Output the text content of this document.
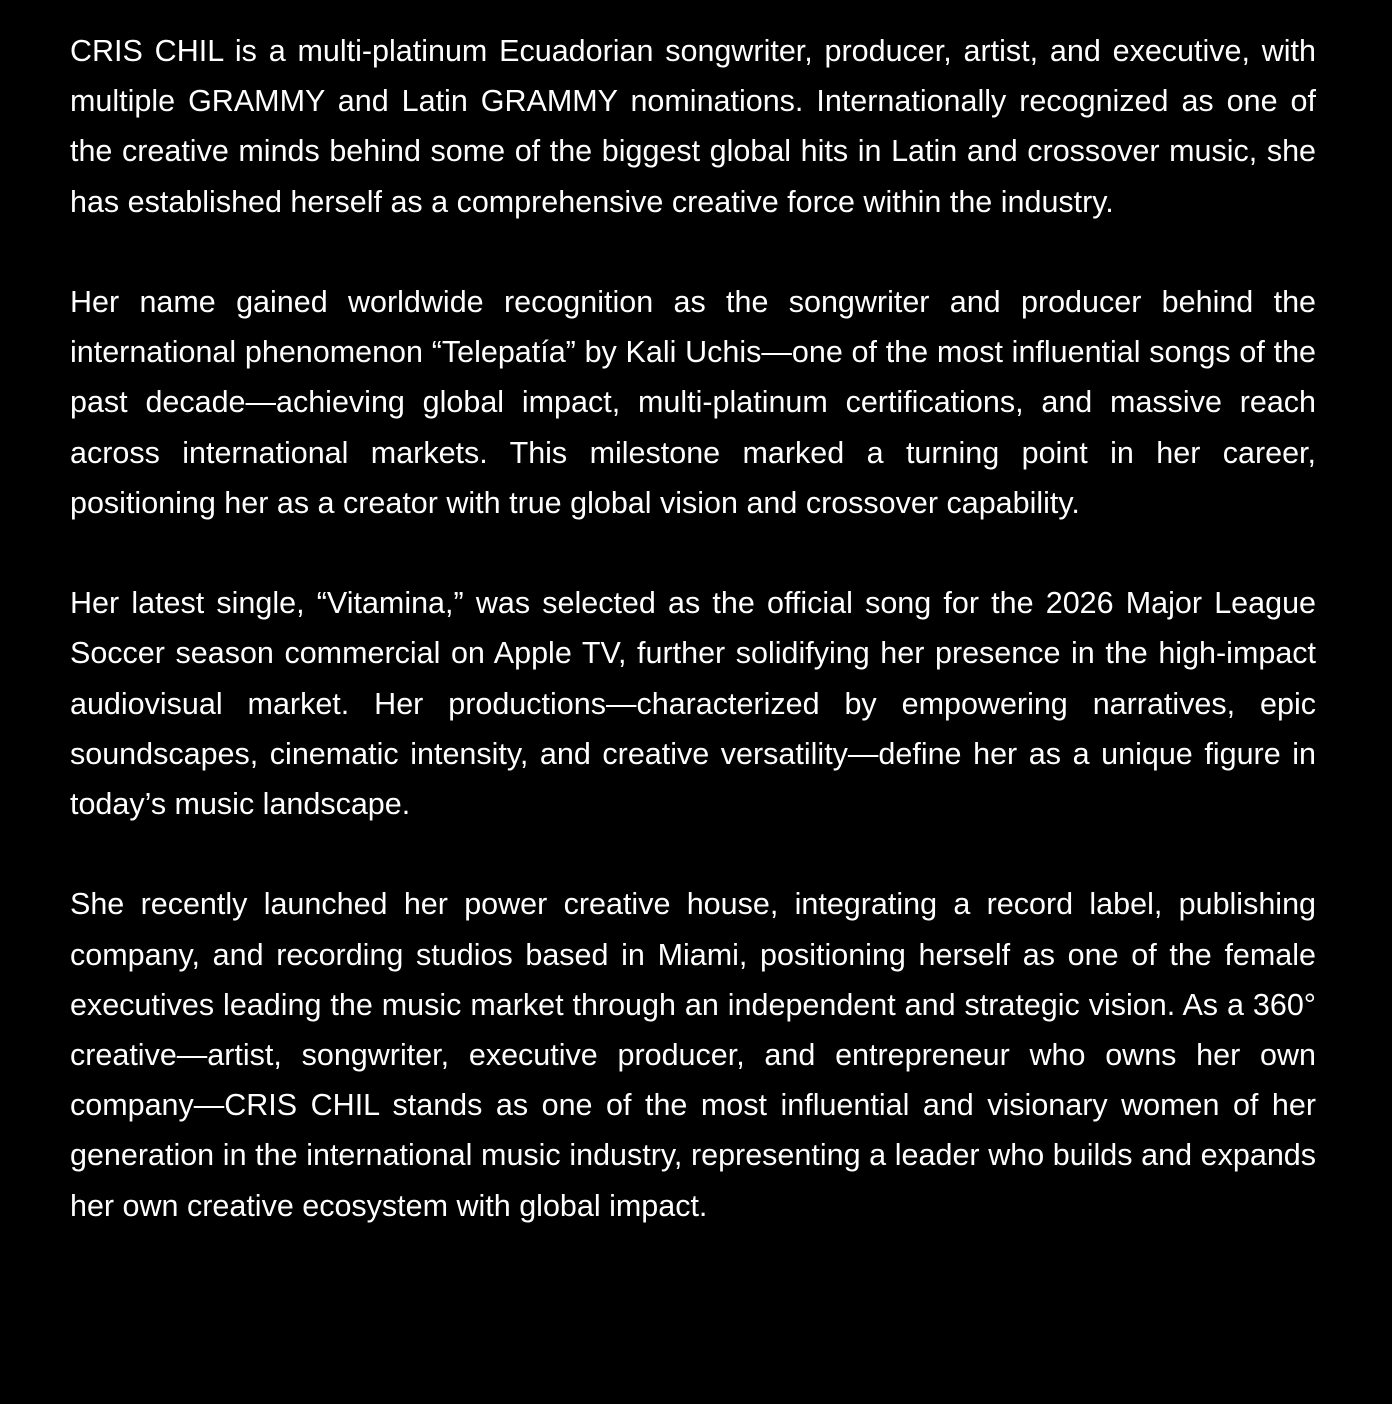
CRIS CHIL is a multi-platinum Ecuadorian songwriter, producer, artist, and executive, with multiple GRAMMY and Latin GRAMMY nominations. Internationally recognized as one of the creative minds behind some of the biggest global hits in Latin and crossover music, she has established herself as a comprehensive creative force within the industry.

Her name gained worldwide recognition as the songwriter and producer behind the international phenomenon “Telepatía” by Kali Uchis—one of the most influential songs of the past decade—achieving global impact, multi-platinum certifications, and massive reach across international markets. This milestone marked a turning point in her career, positioning her as a creator with true global vision and crossover capability.

Her latest single, “Vitamina,” was selected as the official song for the 2026 Major League Soccer season commercial on Apple TV, further solidifying her presence in the high-impact audiovisual market. Her productions—characterized by empowering narratives, epic soundscapes, cinematic intensity, and creative versatility—define her as a unique figure in today’s music landscape.

She recently launched her power creative house, integrating a record label, publishing company, and recording studios based in Miami, positioning herself as one of the female executives leading the music market through an independent and strategic vision. As a 360° creative—artist, songwriter, executive producer, and entrepreneur who owns her own company—CRIS CHIL stands as one of the most influential and visionary women of her generation in the international music industry, representing a leader who builds and expands her own creative ecosystem with global impact.
